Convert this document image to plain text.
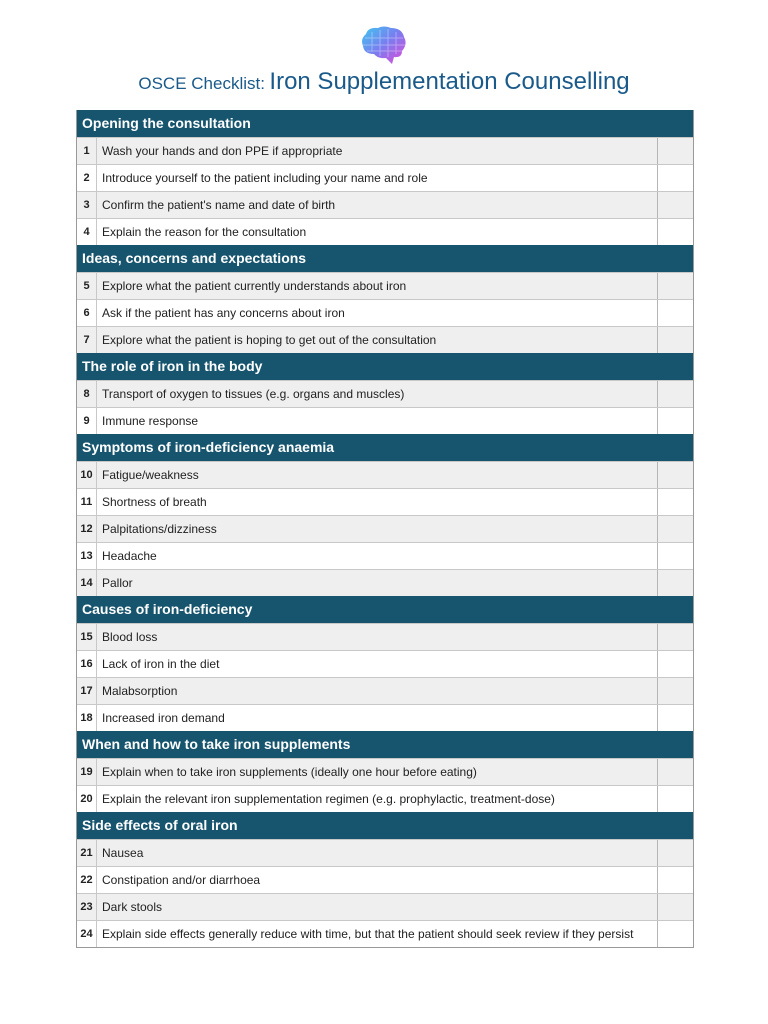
OSCE Checklist: Iron Supplementation Counselling
Opening the consultation
1	Wash your hands and don PPE if appropriate
2	Introduce yourself to the patient including your name and role
3	Confirm the patient's name and date of birth
4	Explain the reason for the consultation
Ideas, concerns and expectations
5	Explore what the patient currently understands about iron
6	Ask if the patient has any concerns about iron
7	Explore what the patient is hoping to get out of the consultation
The role of iron in the body
8	Transport of oxygen to tissues (e.g. organs and muscles)
9	Immune response
Symptoms of iron-deficiency anaemia
10 Fatigue/weakness
11 Shortness of breath
12 Palpitations/dizziness
13 Headache
14 Pallor
Causes of iron-deficiency
15 Blood loss
16 Lack of iron in the diet
17 Malabsorption
18 Increased iron demand
When and how to take iron supplements
19 Explain when to take iron supplements (ideally one hour before eating)
20 Explain the relevant iron supplementation regimen (e.g. prophylactic, treatment-dose)
Side effects of oral iron
21 Nausea
22 Constipation and/or diarrhoea
23 Dark stools
24 Explain side effects generally reduce with time, but that the patient should seek review if they persist
